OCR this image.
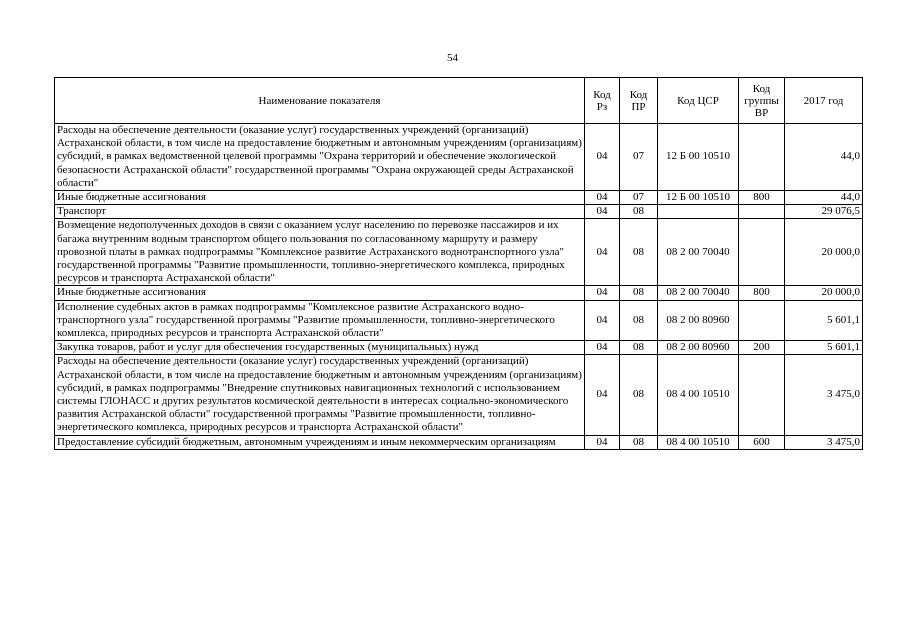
54
Наименование показателя	Код Рз	Код ПР	Код ЦСР	Код группы ВР	2017 год
Расходы на обеспечение деятельности (оказание услуг) государственных учреждений (организаций) Астраханской области, в том числе на предоставление бюджетным и автономным учреждениям (организациям) субсидий, в рамках ведомственной целевой программы "Охрана территорий и обеспечение экологической безопасности Астраханской области" государственной программы "Охрана окружающей среды Астраханской области"	04	07	12 Б 00 10510		44,0
Иные бюджетные ассигнования	04	07	12 Б 00 10510	800	44,0
Транспорт	04	08			29 076,5
Возмещение недополученных доходов в связи с оказанием услуг населению по перевозке пассажиров и их багажа внутренним водным транспортом общего пользования по согласованному маршруту и размеру провозной платы в рамках подпрограммы "Комплексное развитие Астраханского воднотранспортного узла" государственной программы "Развитие промышленности, топливно-энергетического комплекса, природных ресурсов и транспорта Астраханской области"	04	08	08 2 00 70040		20 000,0
Иные бюджетные ассигнования	04	08	08 2 00 70040	800	20 000,0
Исполнение судебных актов в рамках подпрограммы "Комплексное развитие Астраханского воднотранспортного узла" государственной программы "Развитие промышленности, топливно-энергетического комплекса, природных ресурсов и транспорта Астраханской области"	04	08	08 2 00 80960		5 601,1
Закупка товаров, работ и услуг для обеспечения государственных (муниципальных) нужд	04	08	08 2 00 80960	200	5 601,1
Расходы на обеспечение деятельности (оказание услуг) государственных учреждений (организаций) Астраханской области, в том числе на предоставление бюджетным и автономным учреждениям (организациям) субсидий, в рамках подпрограммы "Внедрение спутниковых навигационных технологий с использованием системы ГЛОНАСС и других результатов космической деятельности в интересах социально-экономического развития Астраханской области" государственной программы "Развитие промышленности, топливно-энергетического комплекса, природных ресурсов и транспорта Астраханской области"	04	08	08 4 00 10510		3 475,0
Предоставление субсидий бюджетным, автономным учреждениям и иным некоммерческим организациям	04	08	08 4 00 10510	600	3 475,0
